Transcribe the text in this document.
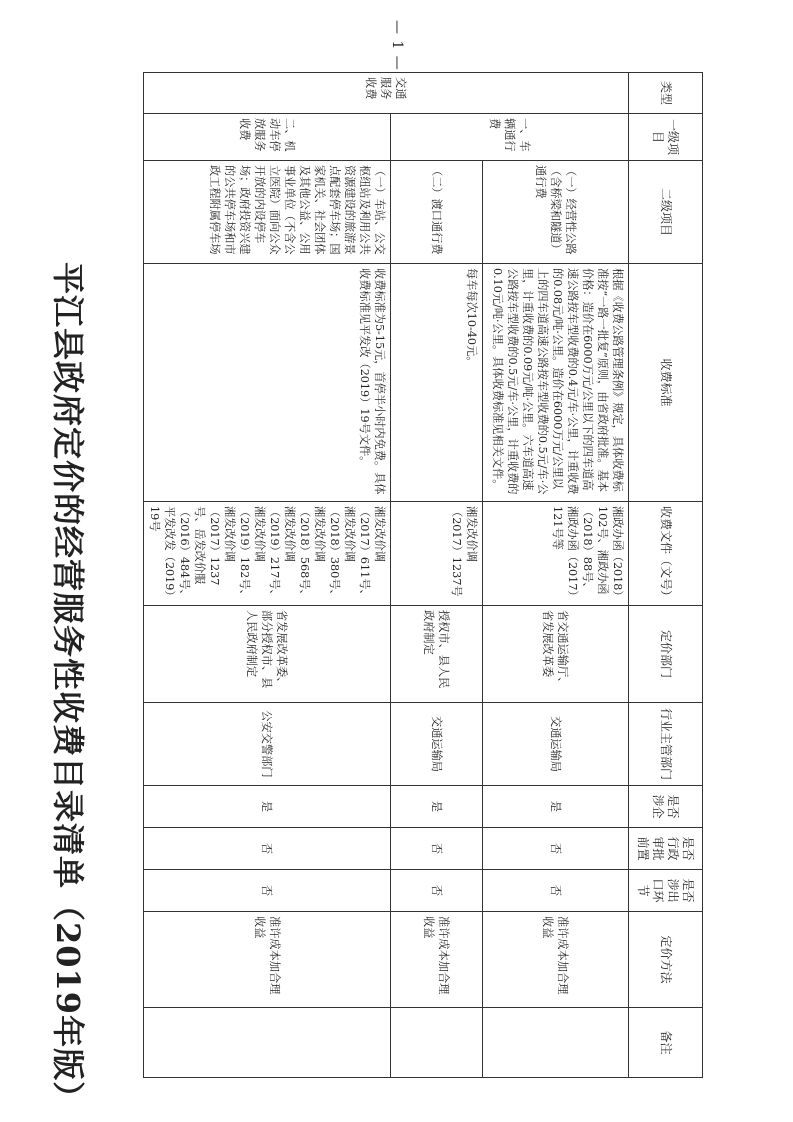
平江县政府定价的经营服务性收费目录清单（2019年版）
类型	一级项目	二级项目	收费标准	收费文件（文号）	定价部门	行业主管部门	是否涉企	是否行政审批前置	是否涉出口环节	定价方法	备注
交通服务收费	一、车辆通行费	（一）经营性公路（含桥梁和隧道）通行费	根据《收费公路管理条例》规定，具体收费标准按“一路一批复”原则，由省政府批准。基本价格：造价在6000万元/公里以下的四车道高速公路按车型收费的0.4元/车·公里，计重收费的0.08元/吨·公里。造价在6000万元/公里以上的四车道高速公路按车型收费的0.5元/车·公里，计重收费的0.09元/吨·公里。六车道高速公路按车型收费的0.5元/车·公里，计重收费的0.10元/吨·公里。具体收费标准见相关文件。	湘政办函（2018）102号、湘政办函（2018）88号、湘政办函（2017）121号等	省交通运输厅、省发展改革委	交通运输局	是	否	否	准许成本加合理收益	
		（二）渡口通行费	每车每次10-40元。	湘发改价调（2017）1237号	授权市、县人民政府制定	交通运输局	是	否	否	准许成本加合理收益	
	二、机动车停放服务收费	（一）车站、公交枢纽站及利用公共资源建设的旅游景点配套停车场；国家机关、社会团体及其他公益、公用事业单位（不含公立医院）面向公众开放的内设停车场；政府投资兴建的公共停车场和市政工程附属停车场	收费标准为5-15元，首停半小时内免费。具体收费标准见平发改（2019）19号文件。	湘发改价调（2017）611号、湘发改价调（2018）380号、湘发改价调（2018）568号、湘发改价调（2019）217号、湘发改价调（2019）182号、湘发改价调（2017）1237号、岳发改价服（2016）484号、平发改发（2019）19号	省发展改革委、部分授权市、县人民政府制定	公安交警部门	是	否	否	准许成本加合理收益	
— 1 —
